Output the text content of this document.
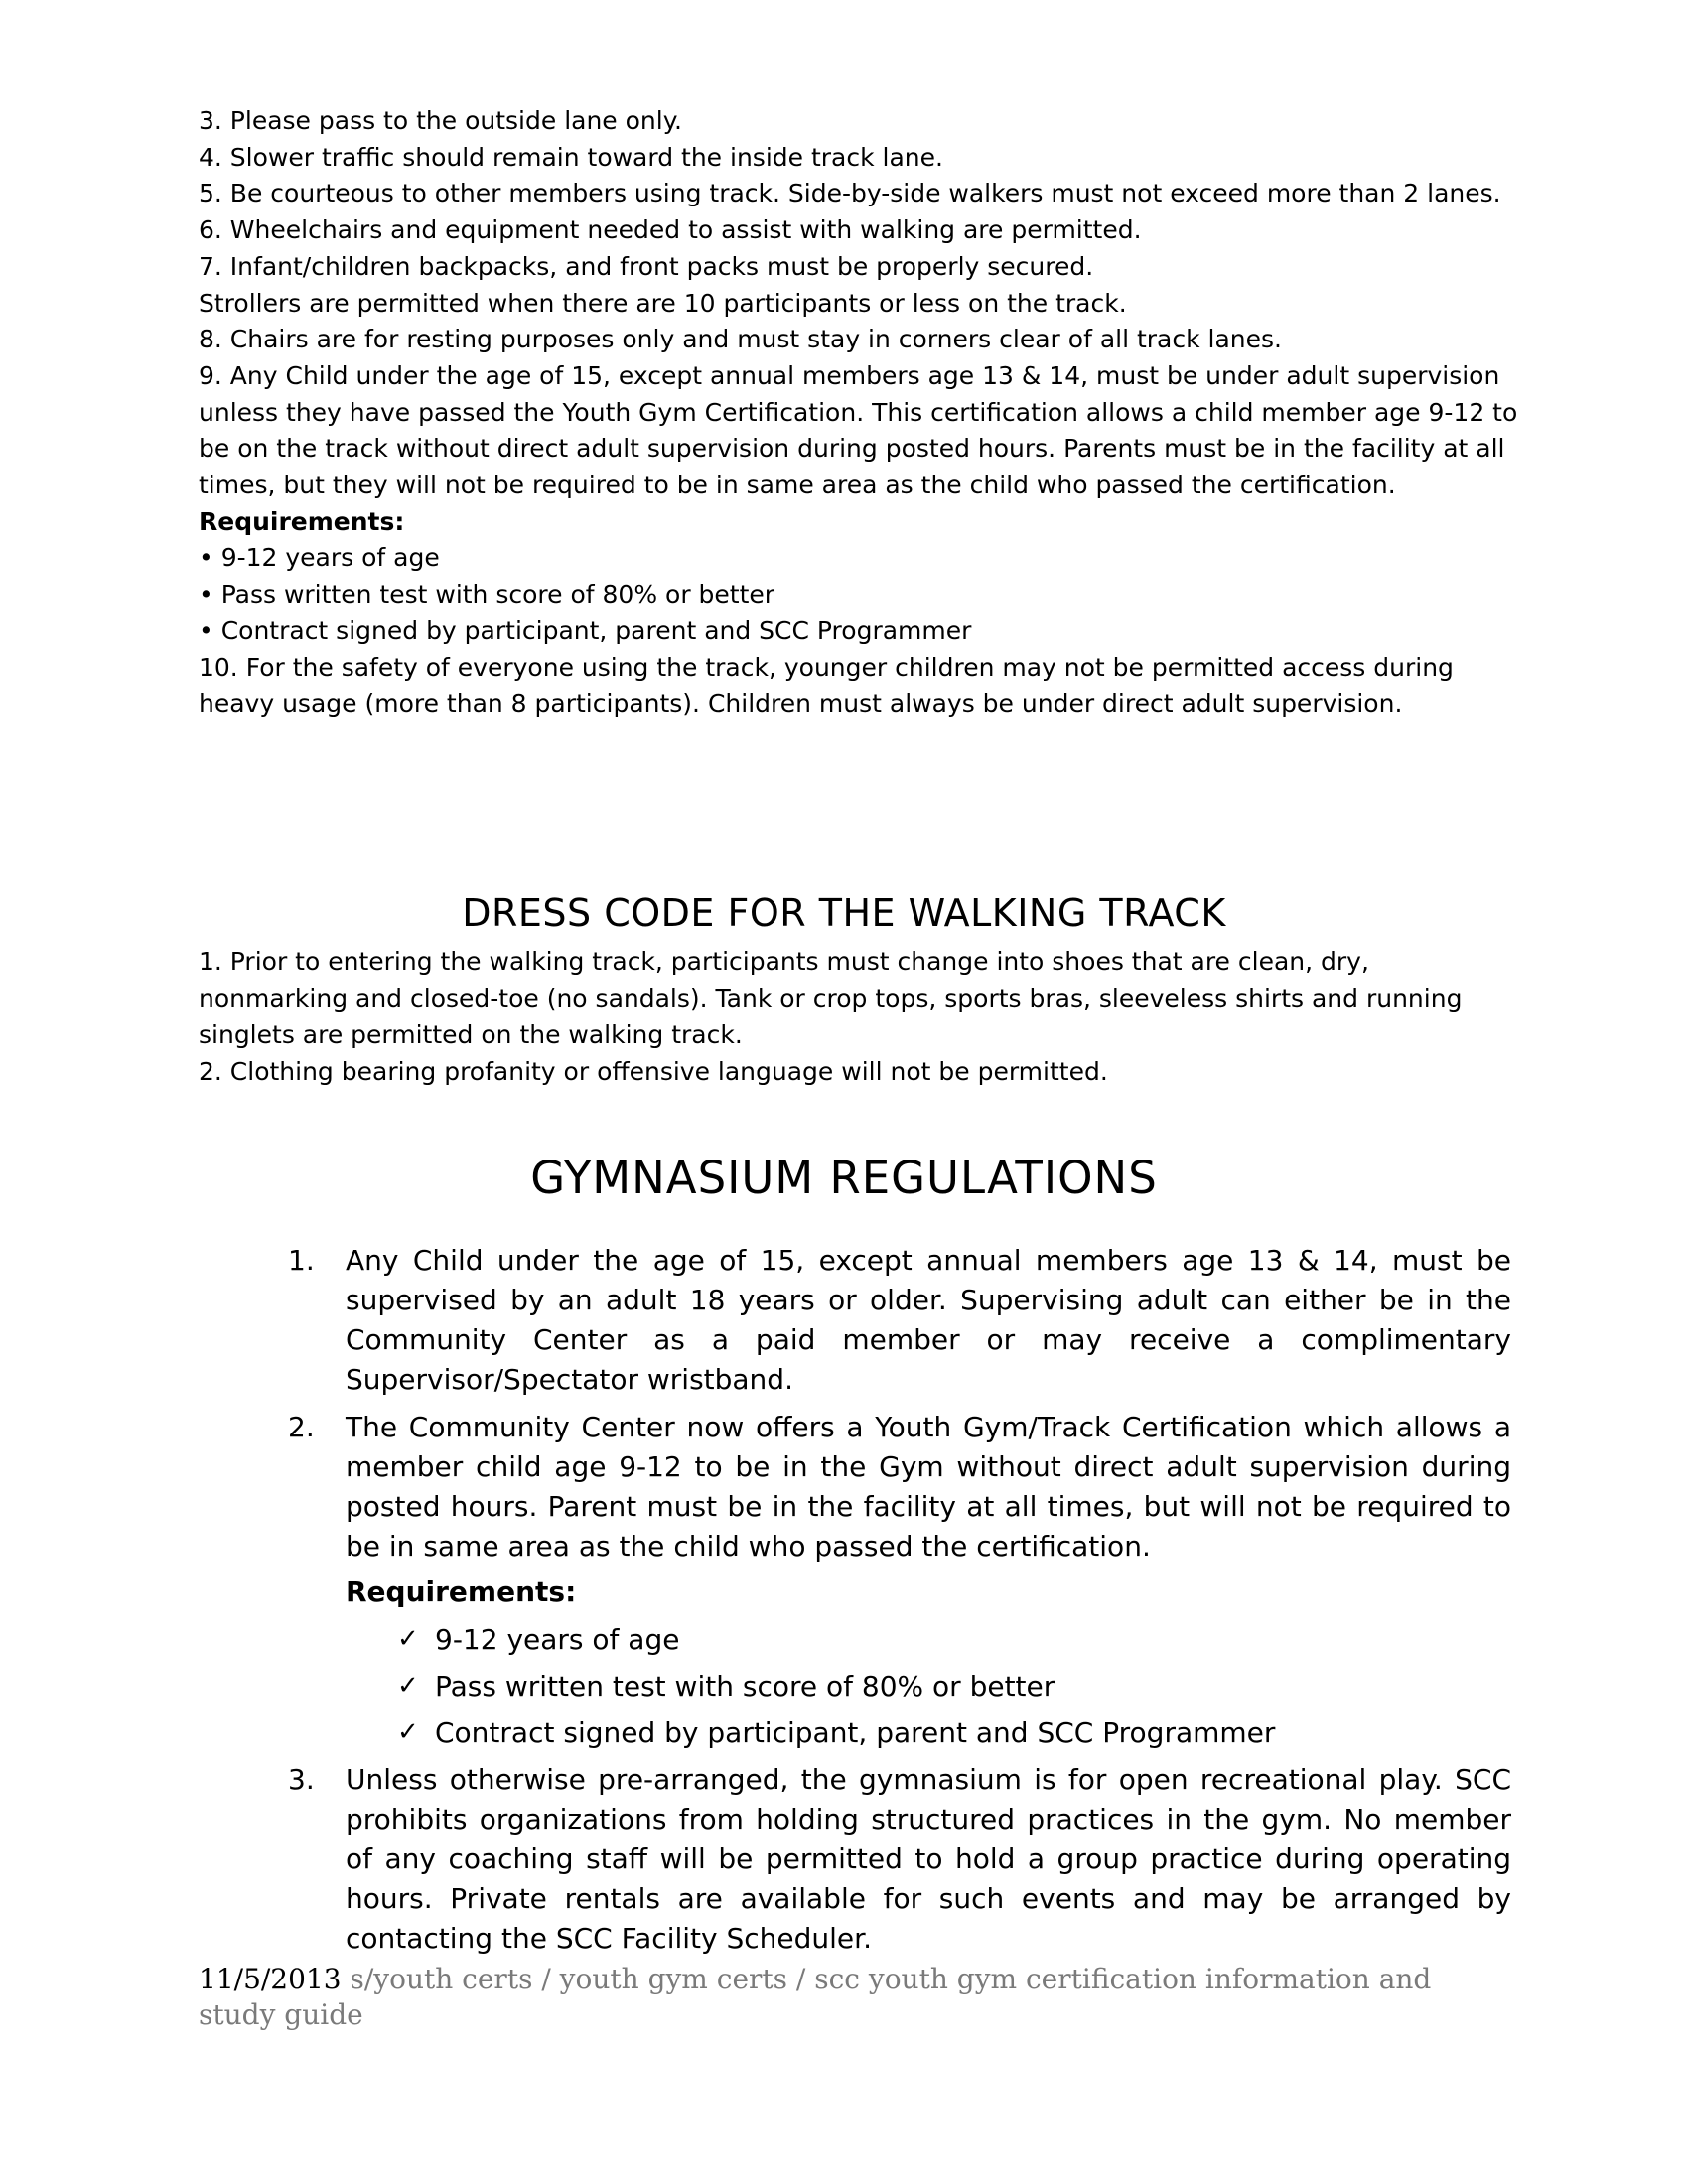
3. Please pass to the outside lane only.

4. Slower traffic should remain toward the inside track lane.

5. Be courteous to other members using track. Side-by-side walkers must not exceed more than 2 lanes.

6. Wheelchairs and equipment needed to assist with walking are permitted.

7. Infant/children backpacks, and front packs must be properly secured.

Strollers are permitted when there are 10 participants or less on the track.

8. Chairs are for resting purposes only and must stay in corners clear of all track lanes.

9. Any Child under the age of 15, except annual members age 13 & 14, must be under adult supervision unless they have passed the Youth Gym Certification. This certification allows a child member age 9-12 to be on the track without direct adult supervision during posted hours. Parents must be in the facility at all times, but they will not be required to be in same area as the child who passed the certification.

Requirements:

• 9-12 years of age

• Pass written test with score of 80% or better

• Contract signed by participant, parent and SCC Programmer

10. For the safety of everyone using the track, younger children may not be permitted access during heavy usage (more than 8 participants). Children must always be under direct adult supervision.

DRESS CODE FOR THE WALKING TRACK

1. Prior to entering the walking track, participants must change into shoes that are clean, dry, nonmarking and closed-toe (no sandals). Tank or crop tops, sports bras, sleeveless shirts and running singlets are permitted on the walking track.

2. Clothing bearing profanity or offensive language will not be permitted.

GYMNASIUM REGULATIONS
1. Any Child under the age of 15, except annual members age 13 & 14, must be supervised by an adult 18 years or older. Supervising adult can either be in the Community Center as a paid member or may receive a complimentary Supervisor/Spectator wristband.
2. The Community Center now offers a Youth Gym/Track Certification which allows a member child age 9-12 to be in the Gym without direct adult supervision during posted hours. Parent must be in the facility at all times, but will not be required to be in same area as the child who passed the certification.
Requirements:
✓ 9-12 years of age
✓ Pass written test with score of 80% or better
✓ Contract signed by participant, parent and SCC Programmer
3. Unless otherwise pre-arranged, the gymnasium is for open recreational play. SCC prohibits organizations from holding structured practices in the gym. No member of any coaching staff will be permitted to hold a group practice during operating hours. Private rentals are available for such events and may be arranged by contacting the SCC Facility Scheduler.
11/5/2013 s/youth certs / youth gym certs / scc youth gym certification information and study guide
